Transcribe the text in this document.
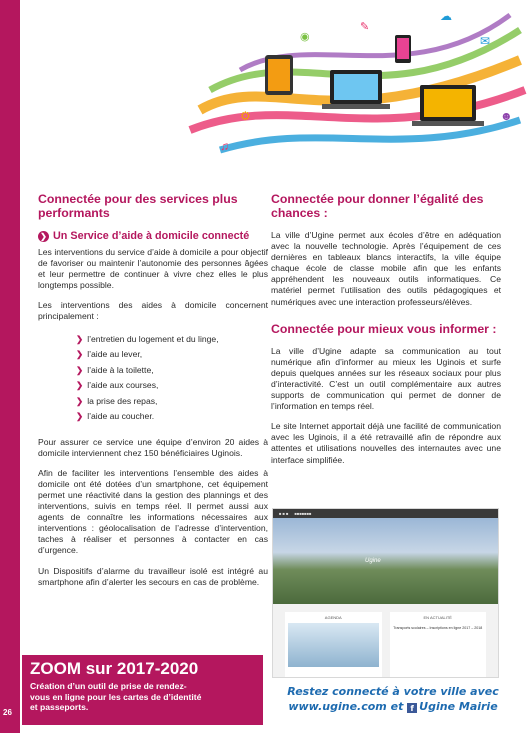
26
♫
✉
◉
☻
⚙
☁
✎
Connectée pour des services plus performants
❯ Un Service d’aide à domicile connecté

Les interventions du service d’aide à domicile a pour objectif de favoriser ou maintenir l’autonomie des personnes âgées et leur permettre de continuer à vivre chez elles le plus longtemps possible.

Les interventions des aides à domicile concernent principalement :

❯ l’entretien du logement et du linge,
❯ l’aide au lever,
❯ l’aide à la toilette,
❯ l’aide aux courses,
❯ la prise des repas,
❯ l’aide au coucher.

Pour assurer ce service une équipe d’environ 20 aides à domicile interviennent chez 150 bénéficiaires Uginois.

Afin de faciliter les interventions l’ensemble des aides à domicile ont été dotées d’un smartphone, cet équipement permet une réactivité dans la gestion des plannings et des interventions, suivis en temps réel. Il permet aussi aux agents de connaître les informations nécessaires aux interventions : géolocalisation de l’adresse d’intervention, taches à réaliser et personnes à contacter en cas d’urgence.

Un Dispositifs d’alarme du travailleur isolé est intégré au smartphone afin d’alerter les secours en cas de problème.

ZOOM sur 2017-2020
Création d’un outil de prise de rendez-vous en ligne pour les cartes de d’identité et passeports.
Connectée pour donner l’égalité des chances :

La ville d’Ugine permet aux écoles d’être en adéquation avec la nouvelle technologie. Après l’équipement de ces dernières en tableaux blancs interactifs, la ville équipe chaque école de classe mobile afin que les enfants appréhendent les nouveaux outils informatiques. Ce matériel permet l’utilisation des outils pédagogiques et numériques avec une interaction professeurs/élèves.

Connectée pour mieux vous informer :

La ville d’Ugine adapte sa communication au tout numérique afin d’informer au mieux les Uginois et surfe depuis quelques années sur les réseaux sociaux pour plus d’interactivité. C’est un outil complémentaire aux autres supports de communication qui permet de donner de l’information en temps réel.

Le site Internet apportait déjà une facilité de communication avec les Uginois, il a été retravaillé afin de répondre aux attentes et utilisations nouvelles des internautes avec une interface simplifiée.

■ ■ ■ ■■■■■■■
Ugine
AGENDA	EN ACTUALITÉ
Transports scolaires – Inscriptions en ligne 2017 – 2018
Restez connecté à votre ville avec
www.ugine.com et f Ugine Mairie
